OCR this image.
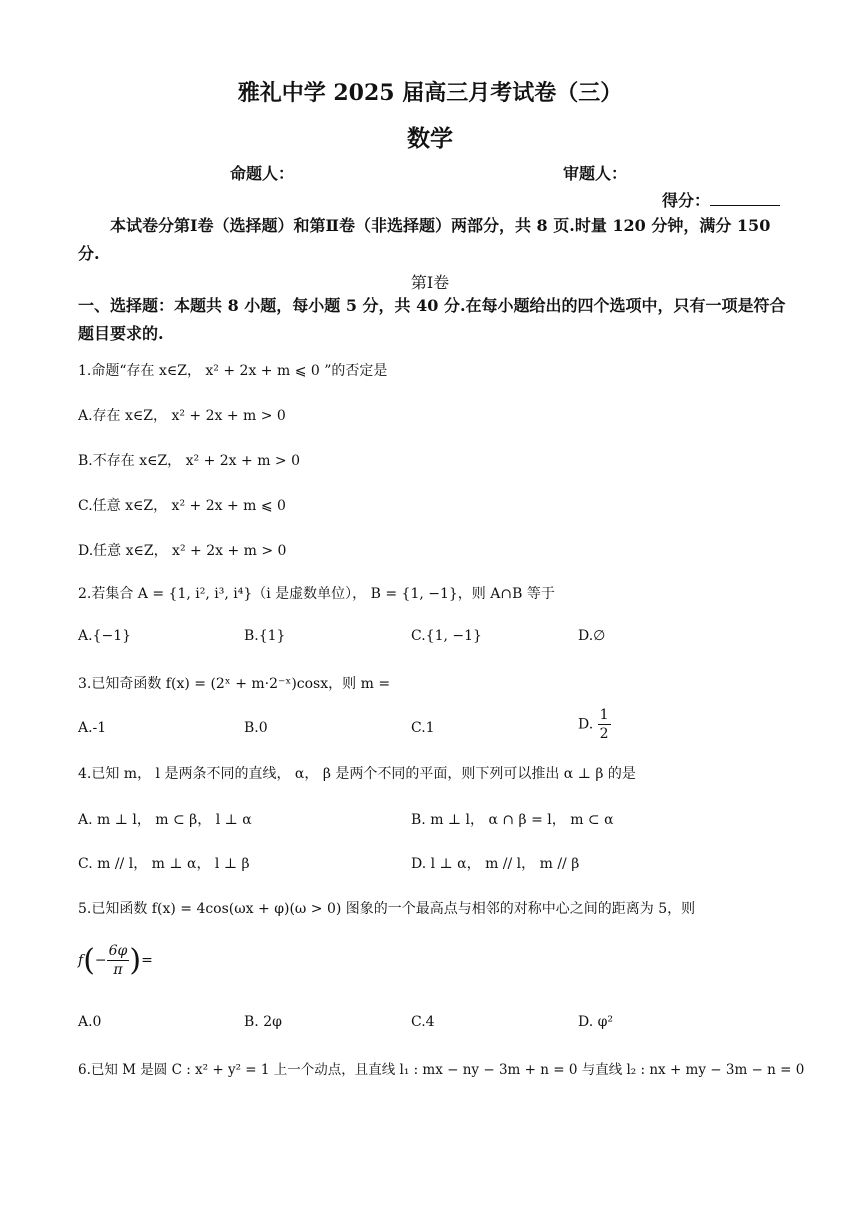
雅礼中学 2025 届高三月考试卷（三）
数学
命题人：	审题人：
得分：
本试卷分第Ⅰ卷（选择题）和第Ⅱ卷（非选择题）两部分，共 8 页.时量 120 分钟，满分 150 分.
第Ⅰ卷
一、选择题：本题共 8 小题，每小题 5 分，共 40 分.在每小题给出的四个选项中，只有一项是符合题目要求的.
1.命题“存在 x∈Z， x² + 2x + m ⩽ 0 ”的否定是
A.存在 x∈Z， x² + 2x + m > 0
B.不存在 x∈Z， x² + 2x + m > 0
C.任意 x∈Z， x² + 2x + m ⩽ 0
D.任意 x∈Z， x² + 2x + m > 0
2.若集合 A = {1, i², i³, i⁴}（i 是虚数单位）， B = {1, −1}，则 A∩B 等于
A.{−1}	B.{1}	C.{1, −1}	D.∅
3.已知奇函数 f(x) = (2ˣ + m·2⁻ˣ)cosx，则 m =
A.-1	B.0	C.1	D. $\frac{1}{2}$
4.已知 m， l 是两条不同的直线， α， β 是两个不同的平面，则下列可以推出 α ⊥ β 的是
A. m ⊥ l， m ⊂ β， l ⊥ α	B. m ⊥ l， α ∩ β = l， m ⊂ α
C. m // l， m ⊥ α， l ⊥ β	D. l ⊥ α， m // l， m // β
5.已知函数 f(x) = 4cos(ωx + φ)(ω > 0) 图象的一个最高点与相邻的对称中心之间的距离为 5，则
$f(- \frac{6\varphi}{\pi}$ )=
A.0	B. 2φ	C.4	D. φ²
6.已知 M 是圆 C : x² + y² = 1 上一个动点，且直线 l₁ : mx − ny − 3m + n = 0 与直线 l₂ : nx + my − 3m − n = 0
